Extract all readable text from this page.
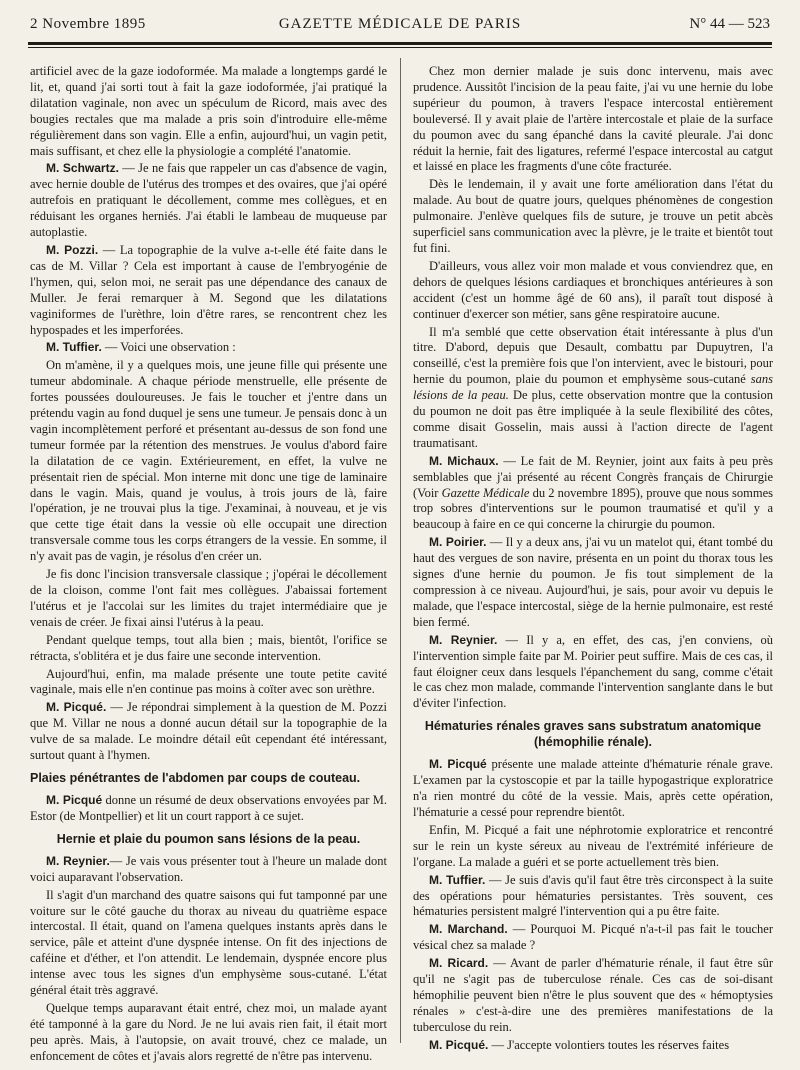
2 Novembre 1895	GAZETTE MÉDICALE DE PARIS	N° 44 — 523

artificiel avec de la gaze iodoformée. Ma malade a longtemps gardé le lit, et, quand j'ai sorti tout à fait la gaze iodoformée, j'ai pratiqué la dilatation vaginale, non avec un spéculum de Ricord, mais avec des bougies rectales que ma malade a pris soin d'introduire elle-même régulièrement dans son vagin. Elle a enfin, aujourd'hui, un vagin petit, mais suffisant, et chez elle la physiologie a complété l'anatomie.

M. Schwartz. — Je ne fais que rappeler un cas d'absence de vagin, avec hernie double de l'utérus des trompes et des ovaires, que j'ai opéré autrefois en pratiquant le décollement, comme mes collègues, et en réduisant les organes herniés. J'ai établi le lambeau de muqueuse par autoplastie.

M. Pozzi. — La topographie de la vulve a-t-elle été faite dans le cas de M. Villar ? Cela est important à cause de l'embryogénie de l'hymen, qui, selon moi, ne serait pas une dépendance des canaux de Muller. Je ferai remarquer à M. Segond que les dilatations vaginiformes de l'urèthre, loin d'être rares, se rencontrent chez les hypospades et les imperforées.

M. Tuffier. — Voici une observation :

On m'amène, il y a quelques mois, une jeune fille qui présente une tumeur abdominale. A chaque période menstruelle, elle présente de fortes poussées douloureuses. Je fais le toucher et j'entre dans un prétendu vagin au fond duquel je sens une tumeur. Je pensais donc à un vagin incomplètement perforé et présentant au-dessus de son fond une tumeur formée par la rétention des menstrues. Je voulus d'abord faire la dilatation de ce vagin. Extérieurement, en effet, la vulve ne présentait rien de spécial. Mon interne mit donc une tige de laminaire dans le vagin. Mais, quand je voulus, à trois jours de là, faire l'opération, je ne trouvai plus la tige. J'examinai, à nouveau, et je vis que cette tige était dans la vessie où elle occupait une direction transversale comme tous les corps étrangers de la vessie. En somme, il n'y avait pas de vagin, je résolus d'en créer un.

Je fis donc l'incision transversale classique ; j'opérai le décollement de la cloison, comme l'ont fait mes collègues. J'abaissai fortement l'utérus et je l'accolai sur les limites du trajet intermédiaire que je venais de créer. Je fixai ainsi l'utérus à la peau.

Pendant quelque temps, tout alla bien ; mais, bientôt, l'orifice se rétracta, s'oblitéra et je dus faire une seconde intervention.

Aujourd'hui, enfin, ma malade présente une toute petite cavité vaginale, mais elle n'en continue pas moins à coïter avec son urèthre.

M. Picqué. — Je répondrai simplement à la question de M. Pozzi que M. Villar ne nous a donné aucun détail sur la topographie de la vulve de sa malade. Le moindre détail eût cependant été intéressant, surtout quant à l'hymen.

Plaies pénétrantes de l'abdomen par coups de couteau.

M. Picqué donne un résumé de deux observations envoyées par M. Estor (de Montpellier) et lit un court rapport à ce sujet.

Hernie et plaie du poumon sans lésions de la peau.

M. Reynier.— Je vais vous présenter tout à l'heure un malade dont voici auparavant l'observation.

Il s'agit d'un marchand des quatre saisons qui fut tamponné par une voiture sur le côté gauche du thorax au niveau du quatrième espace intercostal. Il était, quand on l'amena quelques instants après dans le service, pâle et atteint d'une dyspnée intense. On fit des injections de caféine et d'éther, et l'on attendit. Le lendemain, dyspnée encore plus intense avec tous les signes d'un emphysème sous-cutané. L'état général était très aggravé.

Quelque temps auparavant était entré, chez moi, un malade ayant été tamponné à la gare du Nord. Je ne lui avais rien fait, il était mort peu après. Mais, à l'autopsie, on avait trouvé, chez ce malade, un enfoncement de côtes et j'avais alors regretté de n'être pas intervenu.

Chez mon dernier malade je suis donc intervenu, mais avec prudence. Aussitôt l'incision de la peau faite, j'ai vu une hernie du lobe supérieur du poumon, à travers l'espace intercostal entièrement bouleversé. Il y avait plaie de l'artère intercostale et plaie de la surface du poumon avec du sang épanché dans la cavité pleurale. J'ai donc réduit la hernie, fait des ligatures, refermé l'espace intercostal au catgut et laissé en place les fragments d'une côte fracturée.

Dès le lendemain, il y avait une forte amélioration dans l'état du malade. Au bout de quatre jours, quelques phénomènes de congestion pulmonaire. J'enlève quelques fils de suture, je trouve un petit abcès superficiel sans communication avec la plèvre, je le traite et bientôt tout fut fini.

D'ailleurs, vous allez voir mon malade et vous conviendrez que, en dehors de quelques lésions cardiaques et bronchiques antérieures à son accident (c'est un homme âgé de 60 ans), il paraît tout disposé à continuer d'exercer son métier, sans gêne respiratoire aucune.

Il m'a semblé que cette observation était intéressante à plus d'un titre. D'abord, depuis que Desault, combattu par Dupuytren, l'a conseillé, c'est la première fois que l'on intervient, avec le bistouri, pour hernie du poumon, plaie du poumon et emphysème sous-cutané sans lésions de la peau. De plus, cette observation montre que la contusion du poumon ne doit pas être impliquée à la seule flexibilité des côtes, comme disait Gosselin, mais aussi à l'action directe de l'agent traumatisant.

M. Michaux. — Le fait de M. Reynier, joint aux faits à peu près semblables que j'ai présenté au récent Congrès français de Chirurgie (Voir Gazette Médicale du 2 novembre 1895), prouve que nous sommes trop sobres d'interventions sur le poumon traumatisé et qu'il y a beaucoup à faire en ce qui concerne la chirurgie du poumon.

M. Poirier. — Il y a deux ans, j'ai vu un matelot qui, étant tombé du haut des vergues de son navire, présenta en un point du thorax tous les signes d'une hernie du poumon. Je fis tout simplement de la compression à ce niveau. Aujourd'hui, je sais, pour avoir vu depuis le malade, que l'espace intercostal, siège de la hernie pulmonaire, est resté bien fermé.

M. Reynier. — Il y a, en effet, des cas, j'en conviens, où l'intervention simple faite par M. Poirier peut suffire. Mais de ces cas, il faut éloigner ceux dans lesquels l'épanchement du sang, comme c'était le cas chez mon malade, commande l'intervention sanglante dans le but d'éviter l'infection.

Hématuries rénales graves sans substratum anatomique (hémophilie rénale).

M. Picqué présente une malade atteinte d'hématurie rénale grave. L'examen par la cystoscopie et par la taille hypogastrique exploratrice n'a rien montré du côté de la vessie. Mais, après cette opération, l'hématurie a cessé pour reprendre bientôt.

Enfin, M. Picqué a fait une néphrotomie exploratrice et rencontré sur le rein un kyste séreux au niveau de l'extrémité inférieure de l'organe. La malade a guéri et se porte actuellement très bien.

M. Tuffier. — Je suis d'avis qu'il faut être très circonspect à la suite des opérations pour hématuries persistantes. Très souvent, ces hématuries persistent malgré l'intervention qui a pu être faite.

M. Marchand. — Pourquoi M. Picqué n'a-t-il pas fait le toucher vésical chez sa malade ?

M. Ricard. — Avant de parler d'hématurie rénale, il faut être sûr qu'il ne s'agit pas de tuberculose rénale. Ces cas de soi-disant hémophilie peuvent bien n'être le plus souvent que des « hémoptysies rénales » c'est-à-dire une des premières manifestations de la tuberculose du rein.

M. Picqué. — J'accepte volontiers toutes les réserves faites
